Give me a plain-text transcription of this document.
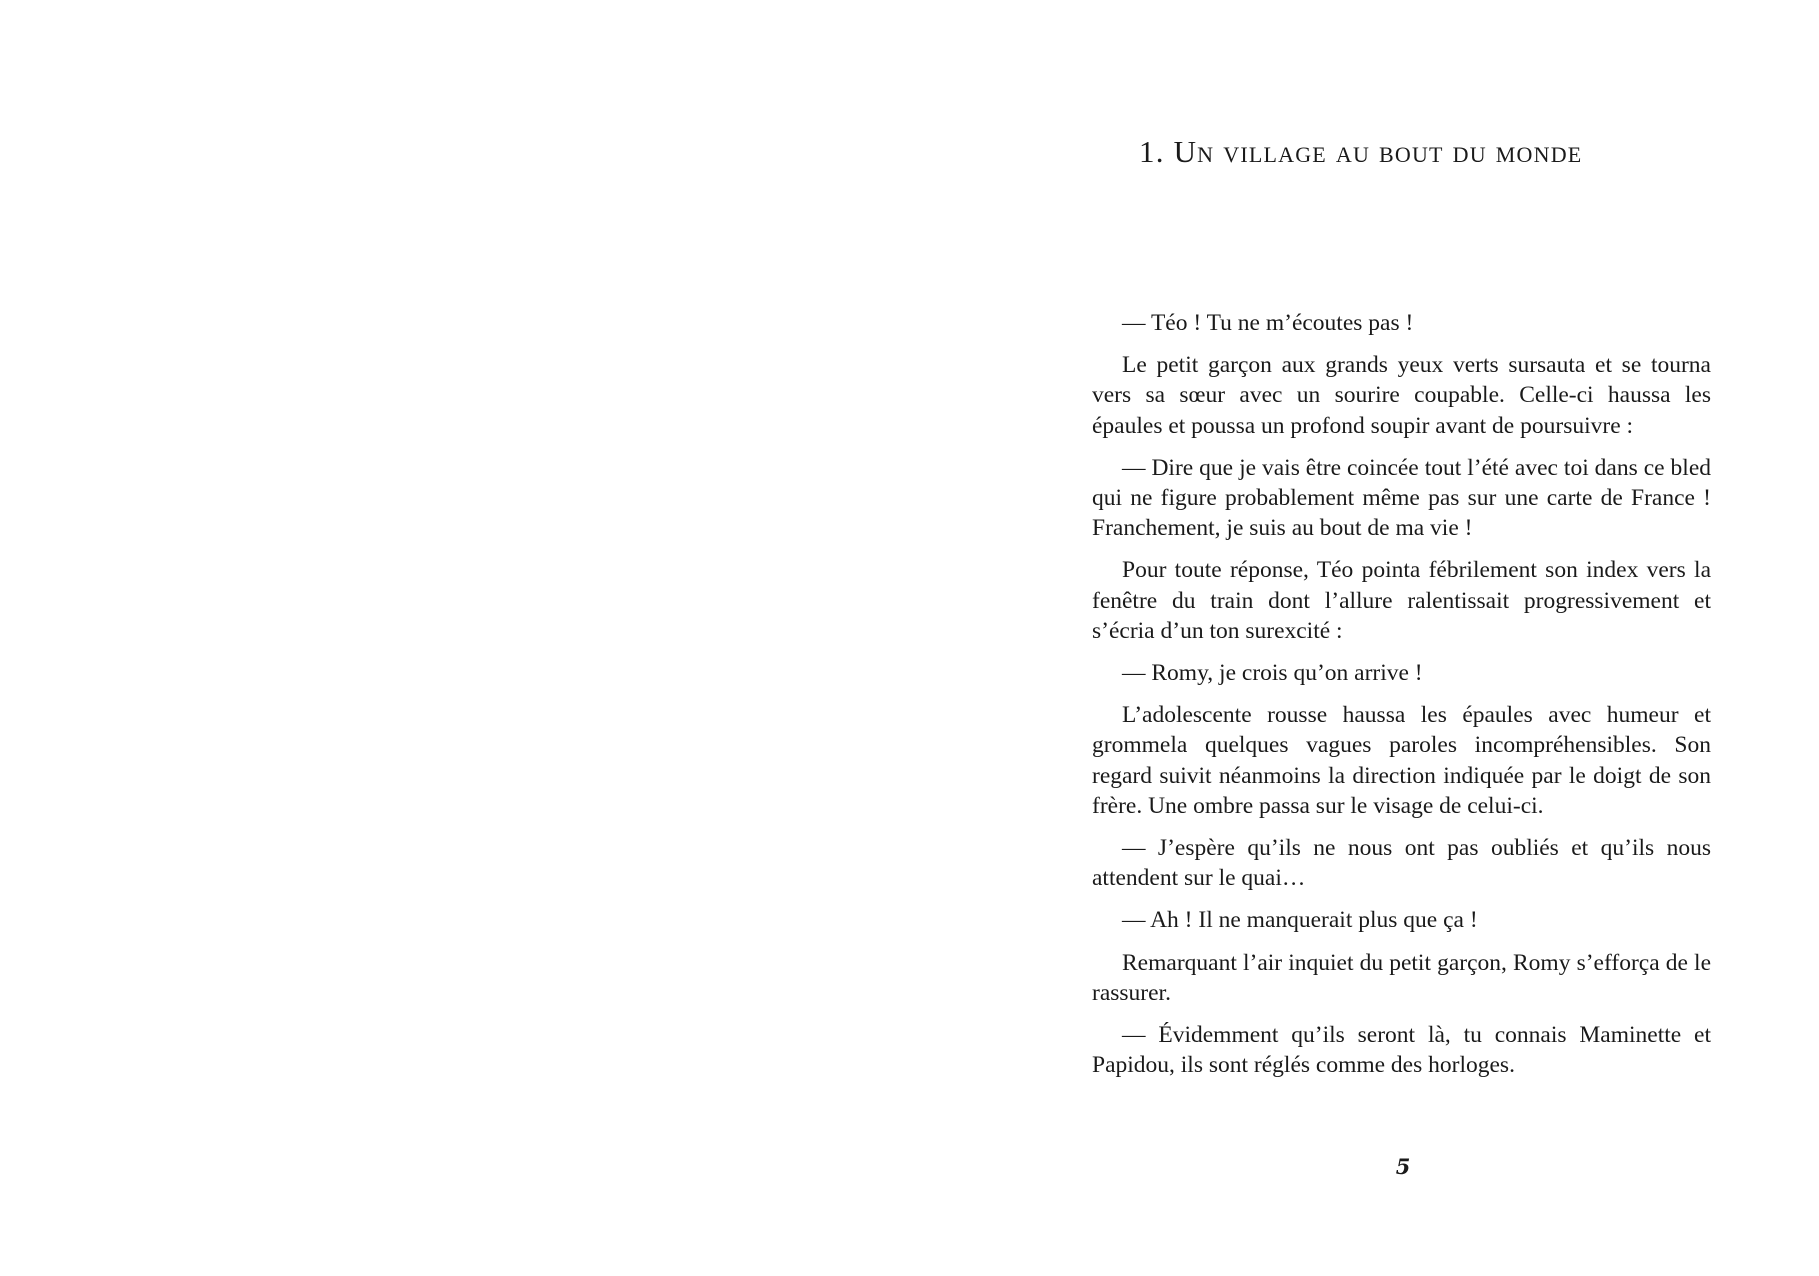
1. Un village au bout du monde

— Téo ! Tu ne m’écoutes pas !

Le petit garçon aux grands yeux verts sursauta et se tourna vers sa sœur avec un sourire coupable. Celle-ci haussa les épaules et poussa un profond soupir avant de poursuivre :

— Dire que je vais être coincée tout l’été avec toi dans ce bled qui ne figure probablement même pas sur une carte de France ! Franchement, je suis au bout de ma vie !

Pour toute réponse, Téo pointa fébrilement son index vers la fenêtre du train dont l’allure ralentissait progressivement et s’écria d’un ton surexcité :

— Romy, je crois qu’on arrive !

L’adolescente rousse haussa les épaules avec humeur et grommela quelques vagues paroles incompréhensibles. Son regard suivit néanmoins la direction indiquée par le doigt de son frère. Une ombre passa sur le visage de celui-ci.

— J’espère qu’ils ne nous ont pas oubliés et qu’ils nous attendent sur le quai…

— Ah ! Il ne manquerait plus que ça !

Remarquant l’air inquiet du petit garçon, Romy s’efforça de le rassurer.

— Évidemment qu’ils seront là, tu connais Maminette et Papidou, ils sont réglés comme des horloges.

5
